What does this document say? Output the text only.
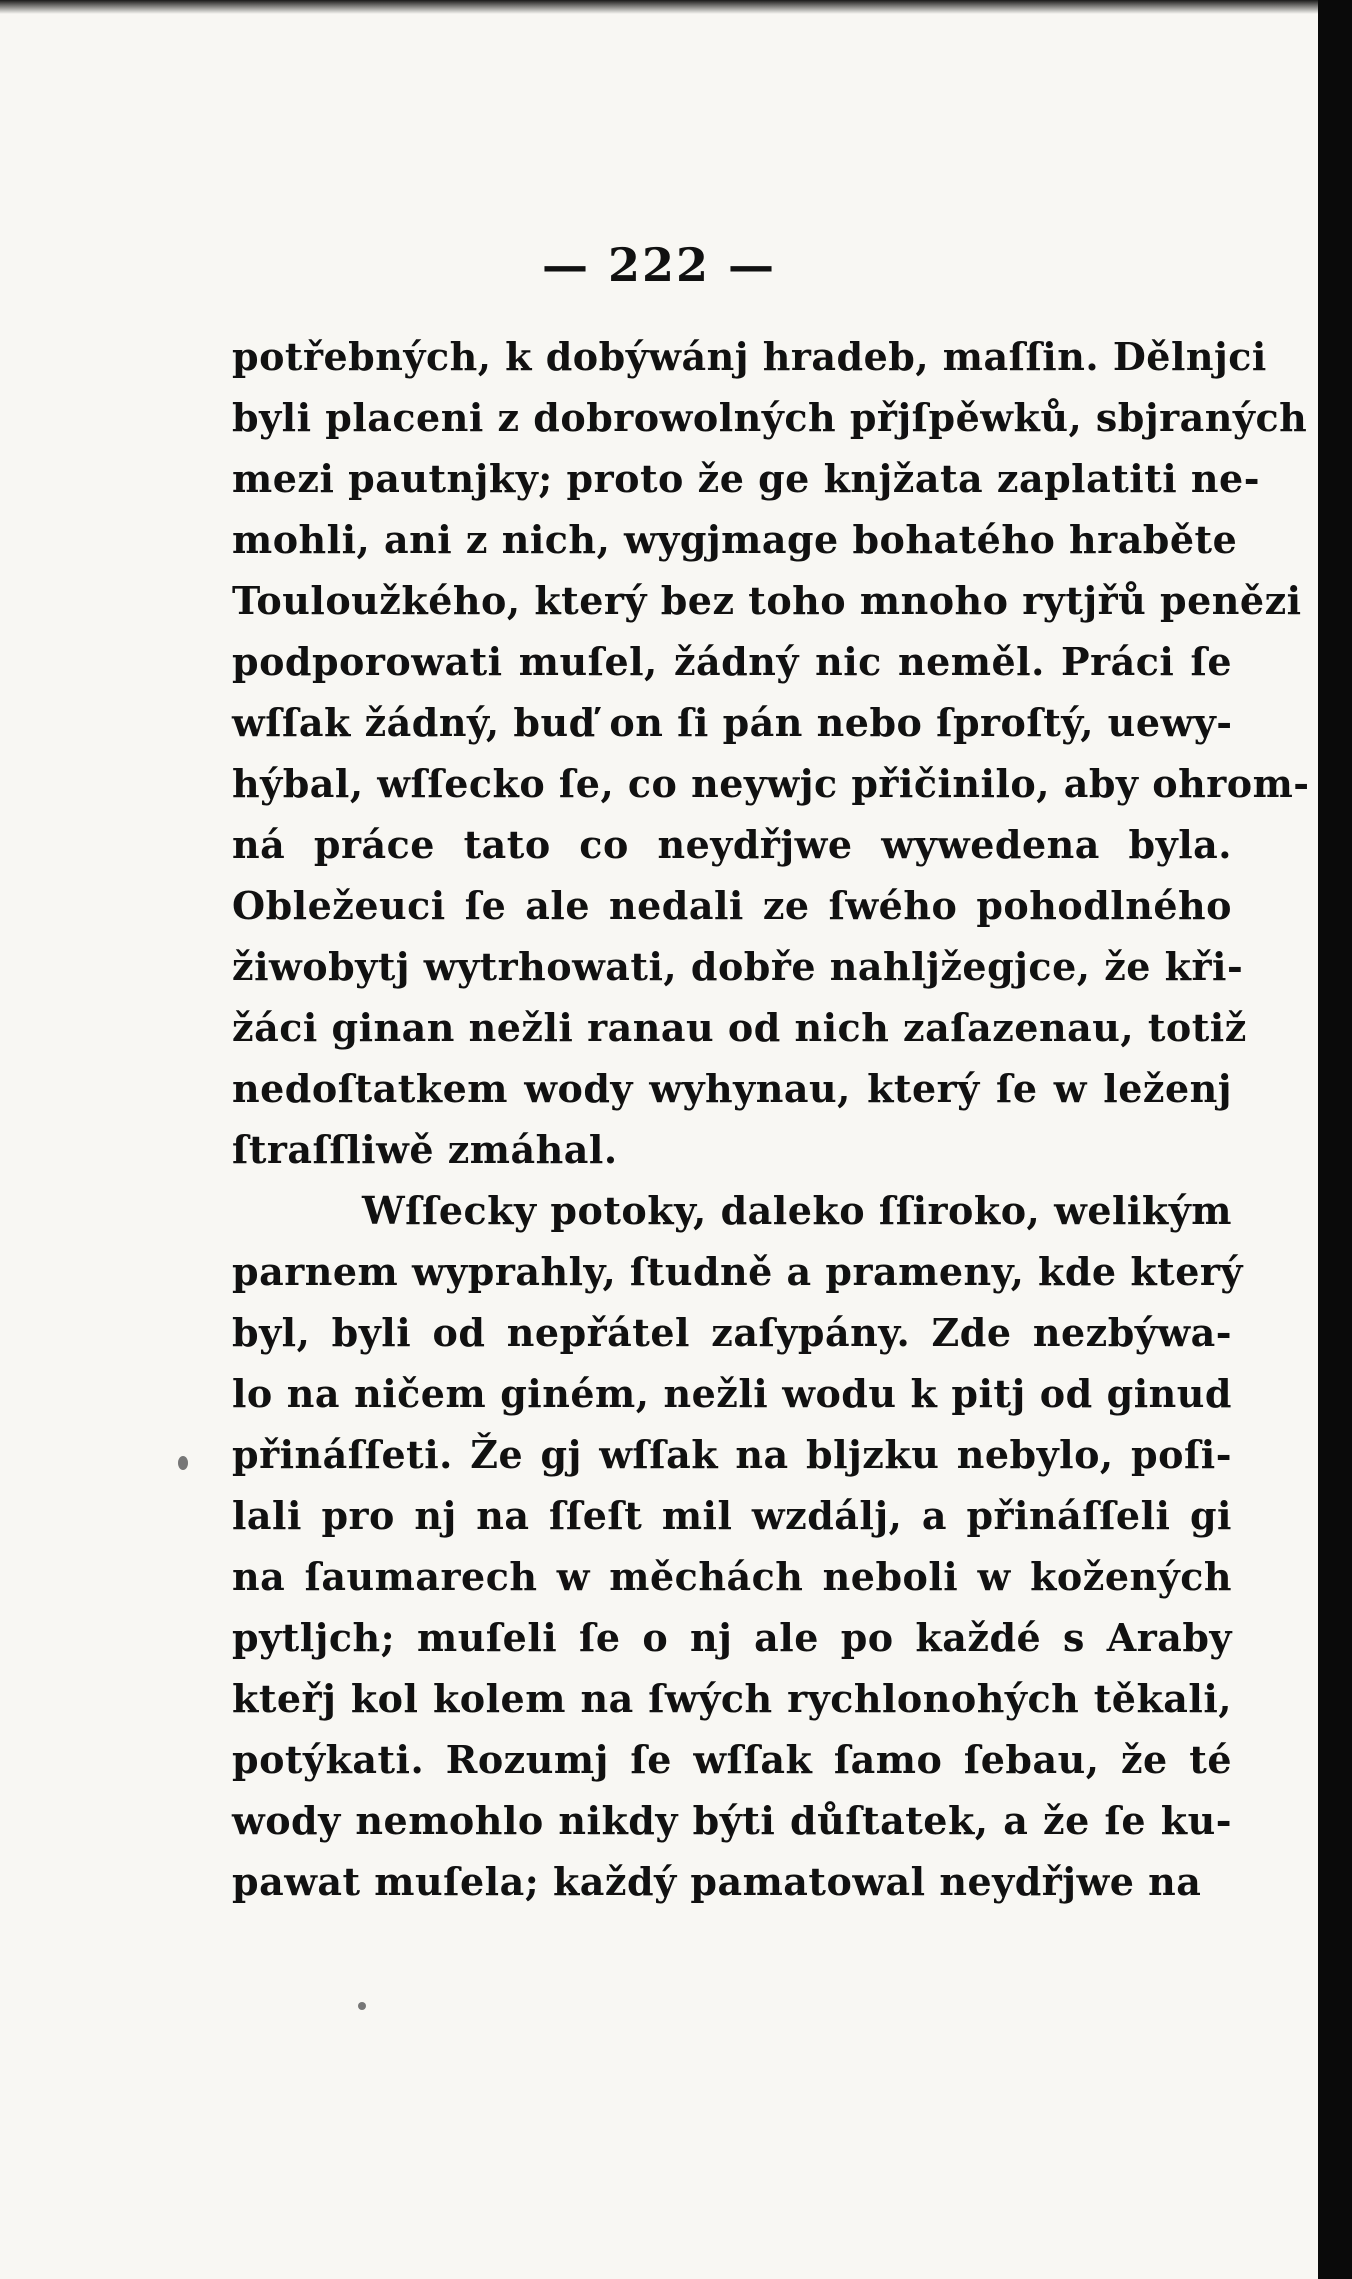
— 222 —
potřebných, k dobýwánj hradeb, maſſin. Dělnjci
byli placeni z dobrowolných přjſpěwků, sbjraných
mezi pautnjky; proto že ge knjžata zaplatiti ne-
mohli, ani z nich, wygjmage bohatého hraběte
Touloužkého, který bez toho mnoho rytjřů penězi
podporowati muſel, žádný nic neměl. Práci ſe
wſſak žádný, buď on ſi pán nebo ſproſtý, uewy-
hýbal, wſſecko ſe, co neywjc přičinilo, aby ohrom-
ná práce tato co neydřjwe wywedena byla.
Obležeuci ſe ale nedali ze ſwého pohodlného
žiwobytj wytrhowati, dobře nahljžegjce, že kři-
žáci ginan nežli ranau od nich zaſazenau, totiž
nedoſtatkem wody wyhynau, který ſe w leženj
ſtraſſliwě zmáhal.
Wſſecky potoky, daleko ſſiroko, welikým
parnem wyprahly, ſtudně a prameny, kde který
byl, byli od nepřátel zaſypány. Zde nezbýwa-
lo na ničem giném, nežli wodu k pitj od ginud
přináſſeti. Že gj wſſak na bljzku nebylo, poſi-
lali pro nj na ſſeſt mil wzdálj, a přináſſeli gi
na ſaumarech w měchách neboli w kožených
pytljch; muſeli ſe o nj ale po každé s Araby
kteřj kol kolem na ſwých rychlonohých těkali,
potýkati. Rozumj ſe wſſak ſamo ſebau, že té
wody nemohlo nikdy býti důſtatek, a že ſe ku-
pawat muſela; každý pamatowal neydřjwe na
